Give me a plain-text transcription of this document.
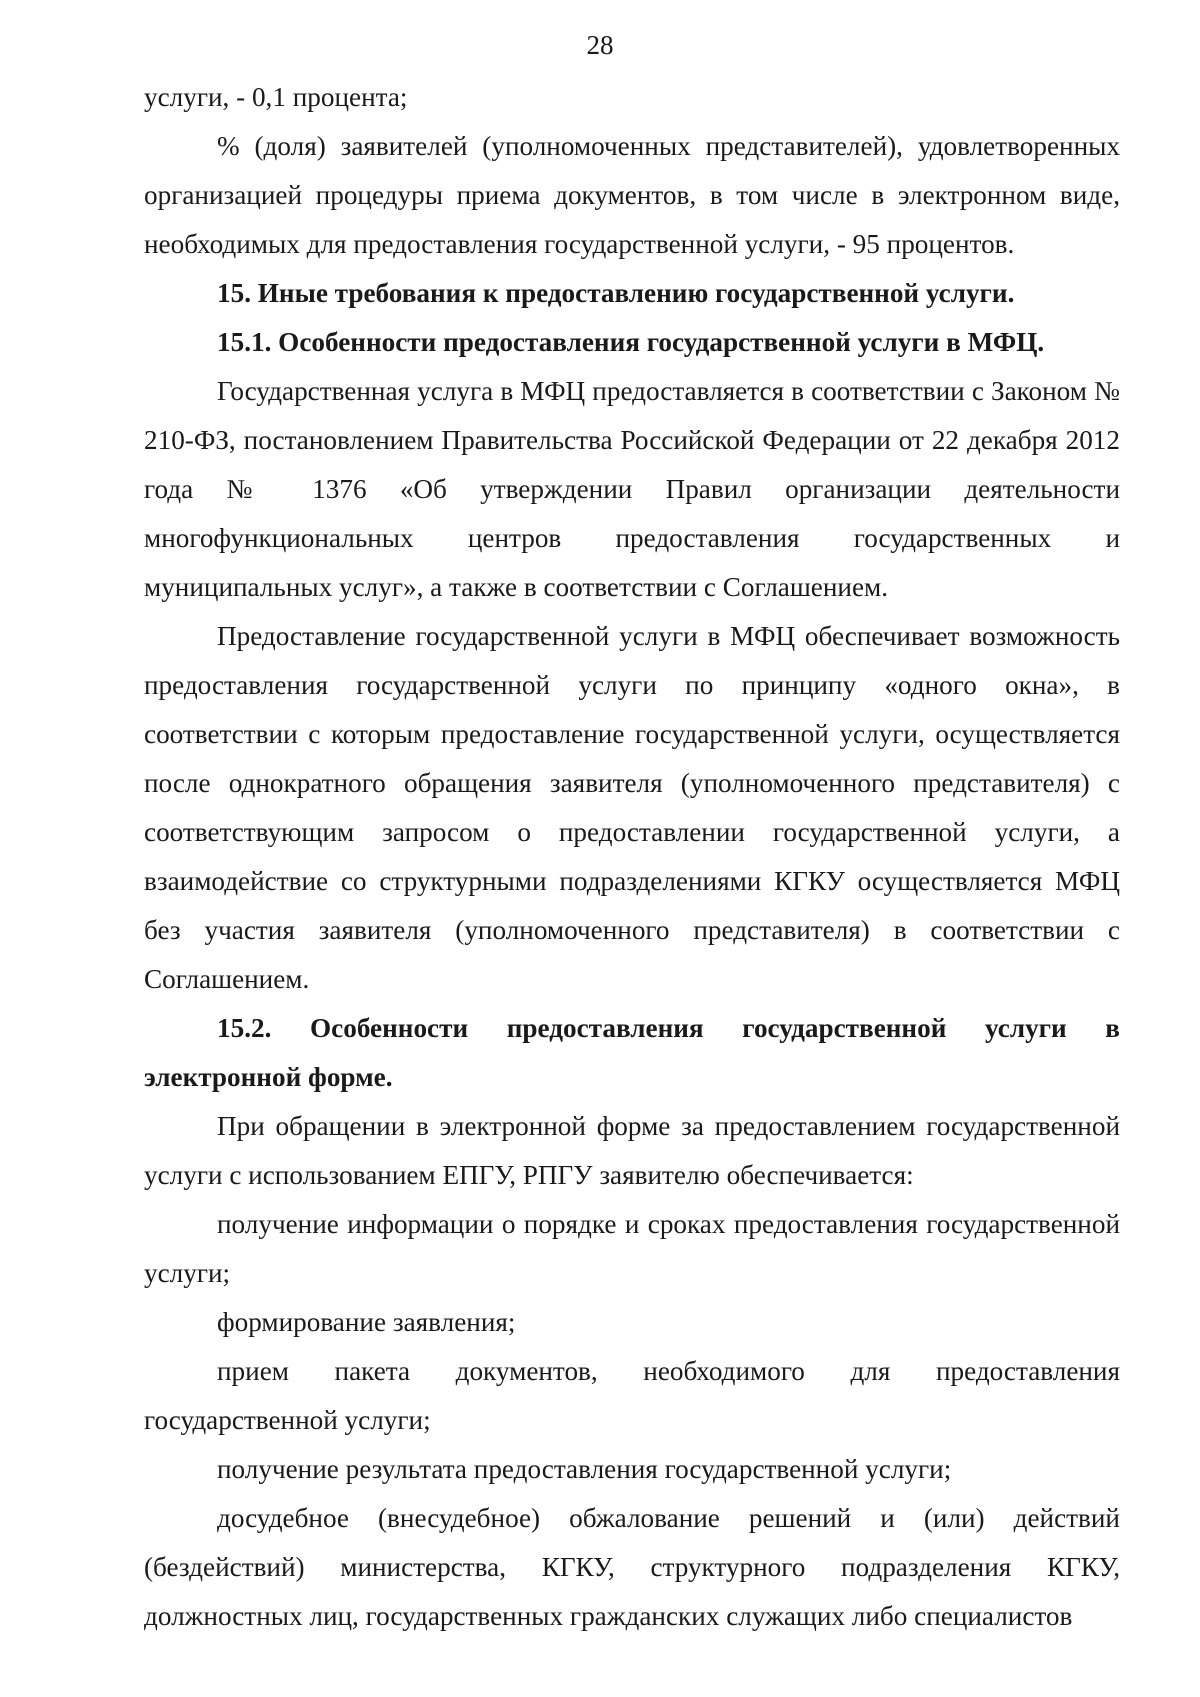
28

услуги, - 0,1 процента;

% (доля) заявителей (уполномоченных представителей), удовлетворенных организацией процедуры приема документов, в том числе в электронном виде, необходимых для предоставления государственной услуги, - 95 процентов.

15. Иные требования к предоставлению государственной услуги.

15.1. Особенности предоставления государственной услуги в МФЦ.

Государственная услуга в МФЦ предоставляется в соответствии с Законом № 210-ФЗ, постановлением Правительства Российской Федерации от 22 декабря 2012 года № 1376 «Об утверждении Правил организации деятельности многофункциональных центров предоставления государственных и муниципальных услуг», а также в соответствии с Соглашением.

Предоставление государственной услуги в МФЦ обеспечивает возможность предоставления государственной услуги по принципу «одного окна», в соответствии с которым предоставление государственной услуги, осуществляется после однократного обращения заявителя (уполномоченного представителя) с соответствующим запросом о предоставлении государственной услуги, а взаимодействие со структурными подразделениями КГКУ осуществляется МФЦ без участия заявителя (уполномоченного представителя) в соответствии с Соглашением.

15.2. Особенности предоставления государственной услуги в электронной форме.

При обращении в электронной форме за предоставлением государственной услуги с использованием ЕПГУ, РПГУ заявителю обеспечивается:

получение информации о порядке и сроках предоставления государственной услуги;

формирование заявления;

прием пакета документов, необходимого для предоставления государственной услуги;

получение результата предоставления государственной услуги;

досудебное (внесудебное) обжалование решений и (или) действий (бездействий) министерства, КГКУ, структурного подразделения КГКУ, должностных лиц, государственных гражданских служащих либо специалистов
